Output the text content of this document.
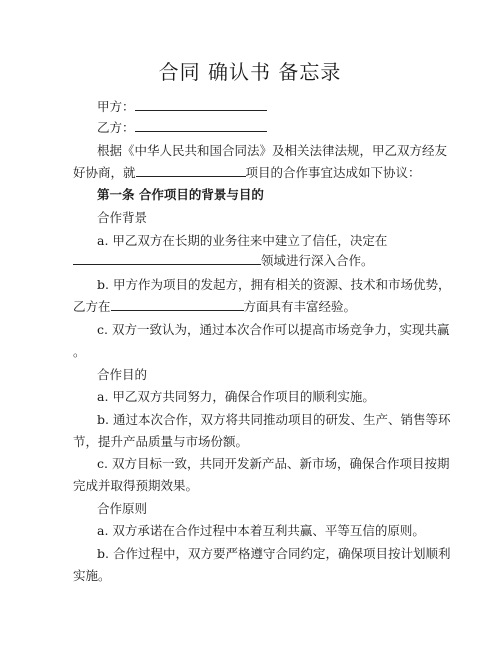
合同 确认书 备忘录
甲方：
乙方：
根据《中华人民共和国合同法》及相关法律法规，甲乙双方经友
好协商，就	项目的合作事宜达成如下协议：
第一条 合作项目的背景与目的
合作背景
a. 甲乙双方在长期的业务往来中建立了信任，决定在
领域进行深入合作。
b. 甲方作为项目的发起方，拥有相关的资源、技术和市场优势，
乙方在	方面具有丰富经验。
c. 双方一致认为，通过本次合作可以提高市场竞争力，实现共赢
。
合作目的
a. 甲乙双方共同努力，确保合作项目的顺利实施。
b. 通过本次合作，双方将共同推动项目的研发、生产、销售等环
节，提升产品质量与市场份额。
c. 双方目标一致，共同开发新产品、新市场，确保合作项目按期
完成并取得预期效果。
合作原则
a. 双方承诺在合作过程中本着互利共赢、平等互信的原则。
b. 合作过程中，双方要严格遵守合同约定，确保项目按计划顺利
实施。
